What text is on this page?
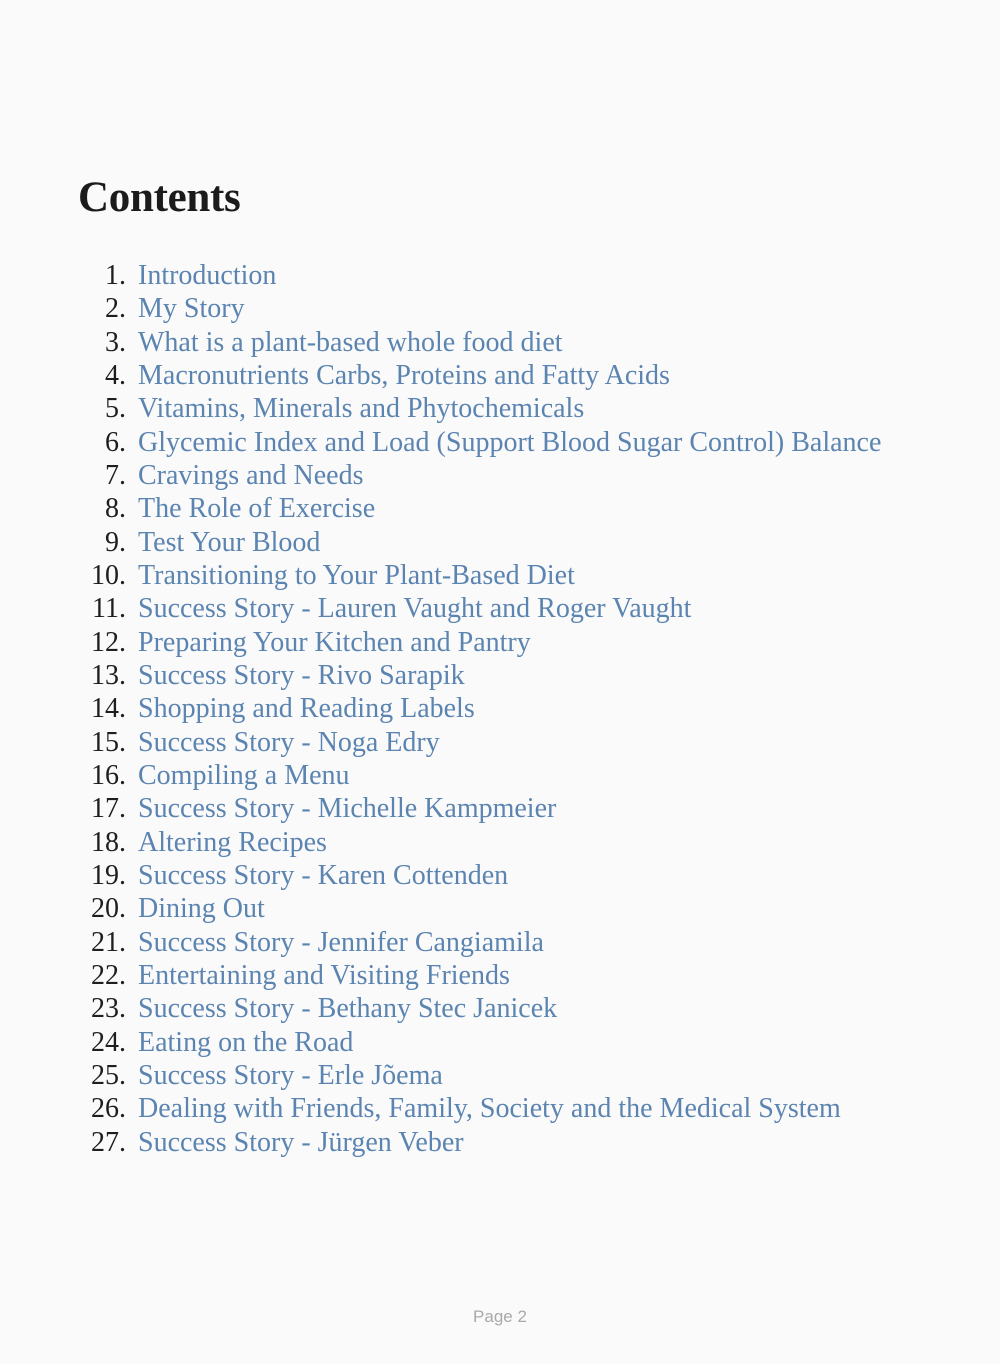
Contents
1. Introduction
2. My Story
3. What is a plant-based whole food diet
4. Macronutrients Carbs, Proteins and Fatty Acids
5. Vitamins, Minerals and Phytochemicals
6. Glycemic Index and Load (Support Blood Sugar Control) Balance
7. Cravings and Needs
8. The Role of Exercise
9. Test Your Blood
10. Transitioning to Your Plant-Based Diet
11. Success Story - Lauren Vaught and Roger Vaught
12. Preparing Your Kitchen and Pantry
13. Success Story - Rivo Sarapik
14. Shopping and Reading Labels
15. Success Story - Noga Edry
16. Compiling a Menu
17. Success Story - Michelle Kampmeier
18. Altering Recipes
19. Success Story - Karen Cottenden
20. Dining Out
21. Success Story - Jennifer Cangiamila
22. Entertaining and Visiting Friends
23. Success Story - Bethany Stec Janicek
24. Eating on the Road
25. Success Story - Erle Jõema
26. Dealing with Friends, Family, Society and the Medical System
27. Success Story - Jürgen Veber
Page 2
